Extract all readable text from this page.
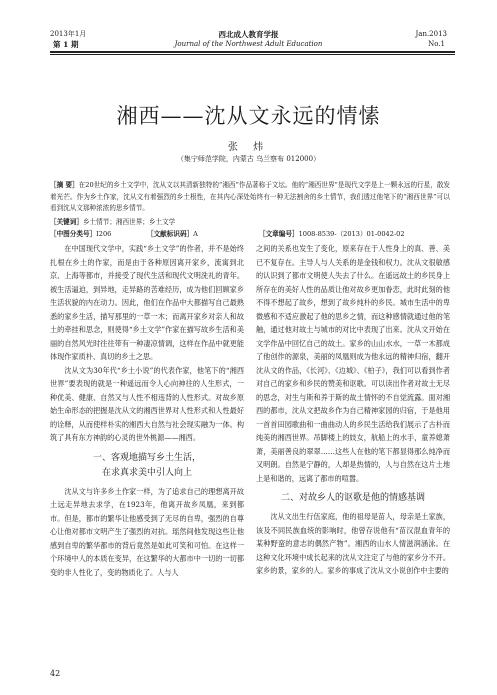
2013年1月
第 1 期
西北成人教育学报
Journal of the Northwest Adult Education
Jan.2013
No.1
湘西——沈从文永远的情愫
张 炜
（集宁师范学院，内蒙古 乌兰察布 012000）
［摘 要］在20世纪的乡土文学中，沈从文以其清新独特的“湘西”作品著称于文坛。他的“湘西世界”是现代文学是上一颗永远的行星，散发着光芒。作为乡土作家，沈从文有着强烈的乡土根性，在其内心深处始终有一种无法割舍的乡土情节，我们透过他笔下的“湘西世界”可以看到沈从文那种浓浓的思乡情节。
［关键词］乡土情节；湘西世界；乡土文学
［中图分类号］I206	［文献标识码］A	［文章编号］1008-8539-（2013）01-0042-02

在中国现代文学中，实践“乡土文学”的作者，并不是始终扎根在乡土的作家，而是由于各种原因离开家乡，流寓到北京、上海等都市，并接受了现代生活和现代文明洗礼的青年。被生活逼迫，到异地，走异路的苦难经历，成为他们回顾家乡生活状貌的内在动力。因此，他们在作品中大都描写自己最熟悉的家乡生活，描写那里的一草一木；而离开家乡对亲人和故土的牵挂和思念，则使得“乡土文学”作家在描写故乡生活和美丽的自然风光时往往带有一种凄凉情调，这样在作品中就更能体现作家质朴、真切的乡土之思。

沈从文为30年代“乡土小说”的代表作家，他笔下的“湘西世界”要表现的就是一种遥远而令人心向神往的人生形式，一种优美、健康、自然又与人性不相违背的人性形式。对故乡原始生命形态的把握是沈从文的湘西世界对人性形式和人性最好的诠释，从而使样朴实的湘西大自然与社会现实融为一体。构筑了具有东方神韵的心灵的世外桃源——湘西。

一、客观地描写乡土生活，
在求真求美中引人向上

沈从文与许多乡土作家一样，为了追求自己的理想离开故土远走异地去求学，在1923年，他离开故乡凤凰，来到都市。但是，都市的繁华让他感受到了无尽的自卑，强烈的自尊心让他对都市文明产生了强烈的对抗。瑶然间他发现这些让他感到自卑的繁华都市的背后竟然是如此可笑和可怕。在这样一个环境中人的本质在变异，在这繁华的大都市中一切的一切都变的非人性化了，变的物质化了。人与人

42

之间的关系也发生了变化，原来存在于人性身上的真、善、美已不复存在。主导人与人关系的是金钱和权力。沈从文很敏感的认识到了都市文明使人失去了什么。在遥远故土的乡民身上所存在的美好人性的品质让他对故乡更加眷恋，此时此刻的他不得不想起了故乡，想到了故乡纯朴的乡民。城市生活中的卑微感和不适应激起了他的思乡之情，而这种感情就通过他的笔触，通过他对故土与城市的对比中表现了出来。沈从文开始在文学作品中回忆自己的故土。家乡的山山水水，一草一木都成了他创作的源泉，美丽的凤凰则成为他永远的精神归宿，翻开沈从文的作品，《长河》、《边城》、《柏子》，我们可以看到作者对自己的家乡和乡民的赞美和讴歌。可以读出作者对故土无尽的思念，对生与斯和养于斯的故土情怀的不自觉流露。面对湘西的都市，沈从文把故乡作为自己精神家园的归宿，于是他用一首首田园歌曲和一曲曲动人的乡民生活给我们展示了古朴而纯美的湘西世界。吊脚楼上的妓女，航船上的水手，童养媳萧萧，美丽善良的翠翠……这些人在他的笔下都显得那么纯净而又明朗。自然是宁静的，人却是热情的，人与自然在这片土地上是和谐的，远离了都市的喧嚣。

二、对故乡人的讴歌是他的情感基调

沈从文出生行伍家庭，他的祖母是苗人，母亲是土家族，该及不同民族血统的影响时，他曾存说他有“苗汉混血青年的某种野蛮的意志的偶然产物”。湘西的山水人情滋润涵泳。在这种文化环境中成长起来的沈从文注定了与他的家乡分不开。家乡的景，家乡的人。家乡的事成了沈从文小说创作中主要的
